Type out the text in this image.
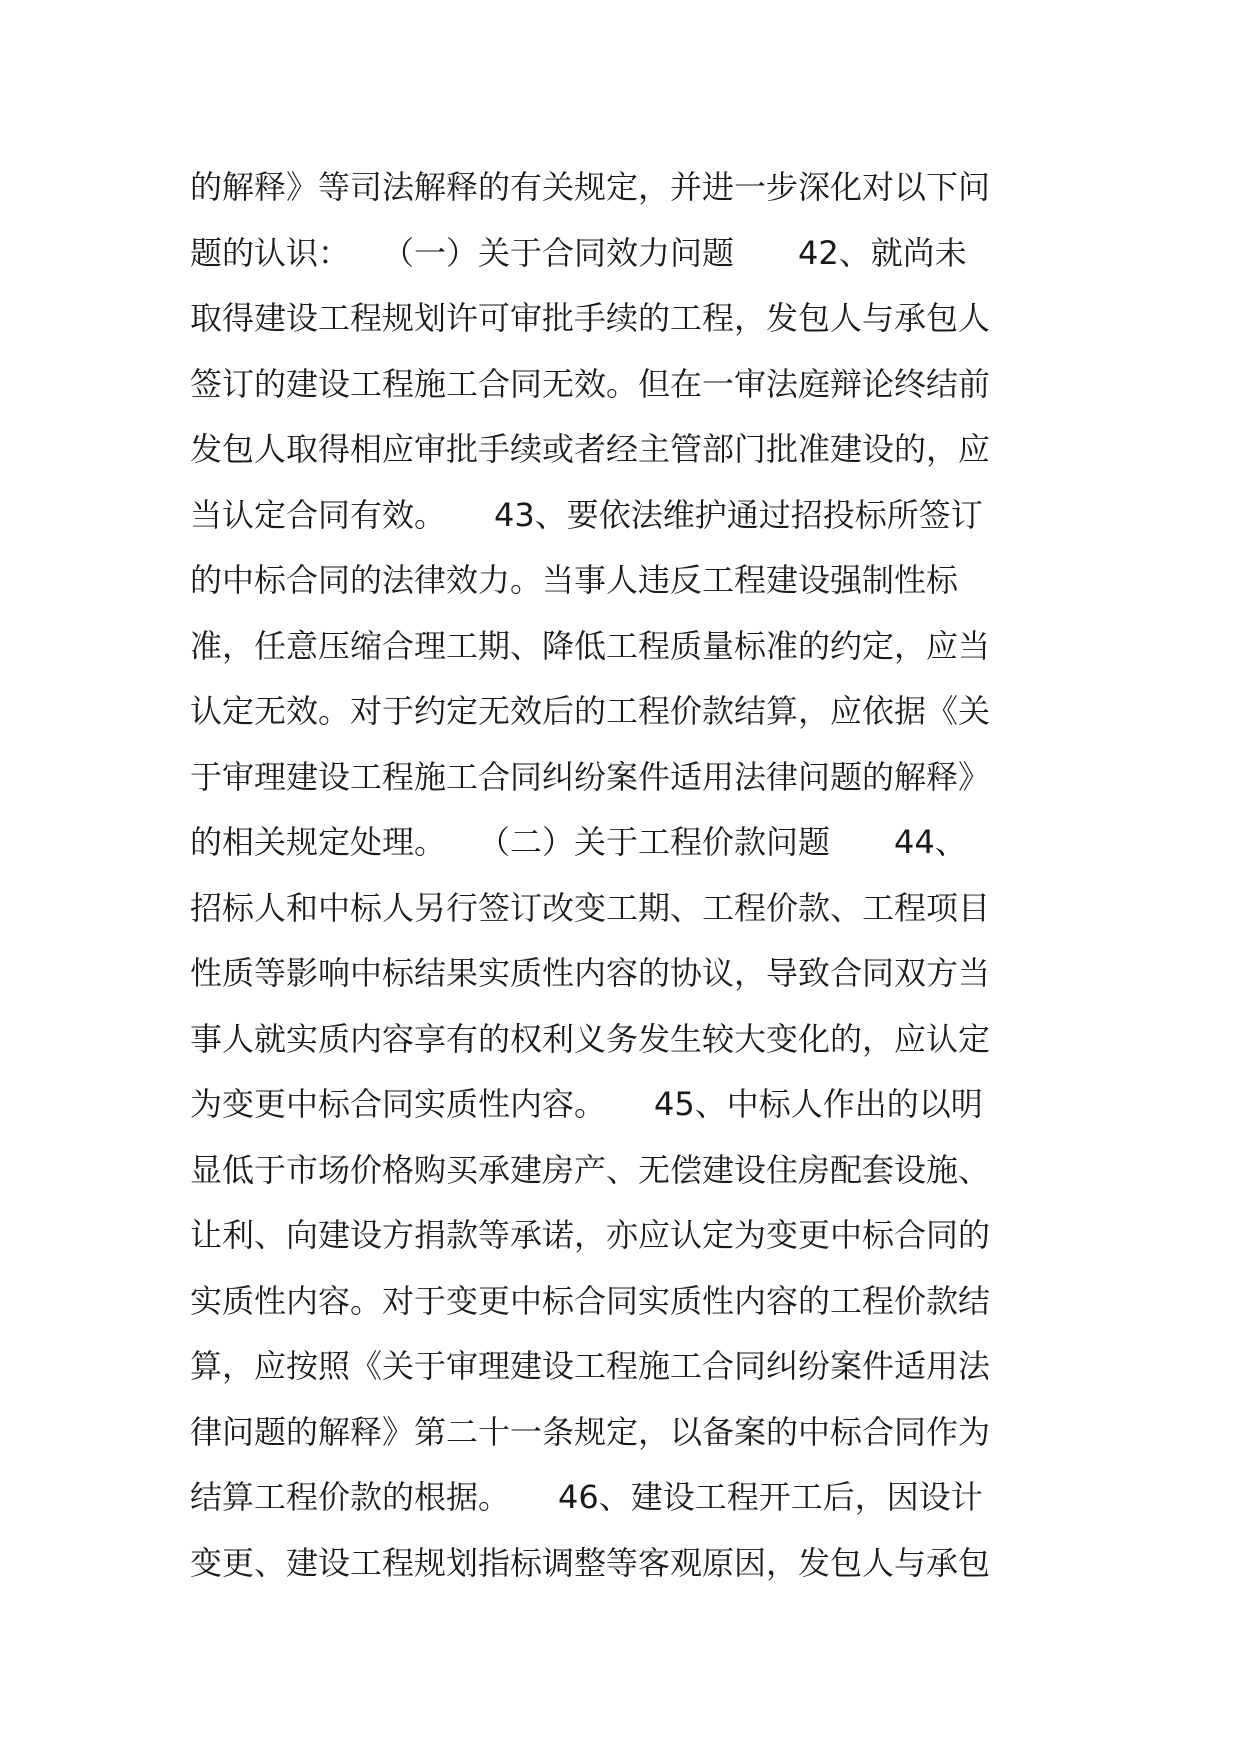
的解释》等司法解释的有关规定，并进一步深化对以下问
题的认识：　　（一）关于合同效力问题　　42、就尚未
取得建设工程规划许可审批手续的工程，发包人与承包人
签订的建设工程施工合同无效。但在一审法庭辩论终结前
发包人取得相应审批手续或者经主管部门批准建设的，应
当认定合同有效。　　43、要依法维护通过招投标所签订
的中标合同的法律效力。当事人违反工程建设强制性标
准，任意压缩合理工期、降低工程质量标准的约定，应当
认定无效。对于约定无效后的工程价款结算，应依据《关
于审理建设工程施工合同纠纷案件适用法律问题的解释》
的相关规定处理。　　（二）关于工程价款问题　　44、
招标人和中标人另行签订改变工期、工程价款、工程项目
性质等影响中标结果实质性内容的协议，导致合同双方当
事人就实质内容享有的权利义务发生较大变化的，应认定
为变更中标合同实质性内容。　　45、中标人作出的以明
显低于市场价格购买承建房产、无偿建设住房配套设施、
让利、向建设方捐款等承诺，亦应认定为变更中标合同的
实质性内容。对于变更中标合同实质性内容的工程价款结
算，应按照《关于审理建设工程施工合同纠纷案件适用法
律问题的解释》第二十一条规定，以备案的中标合同作为
结算工程价款的根据。　　46、建设工程开工后，因设计
变更、建设工程规划指标调整等客观原因，发包人与承包
